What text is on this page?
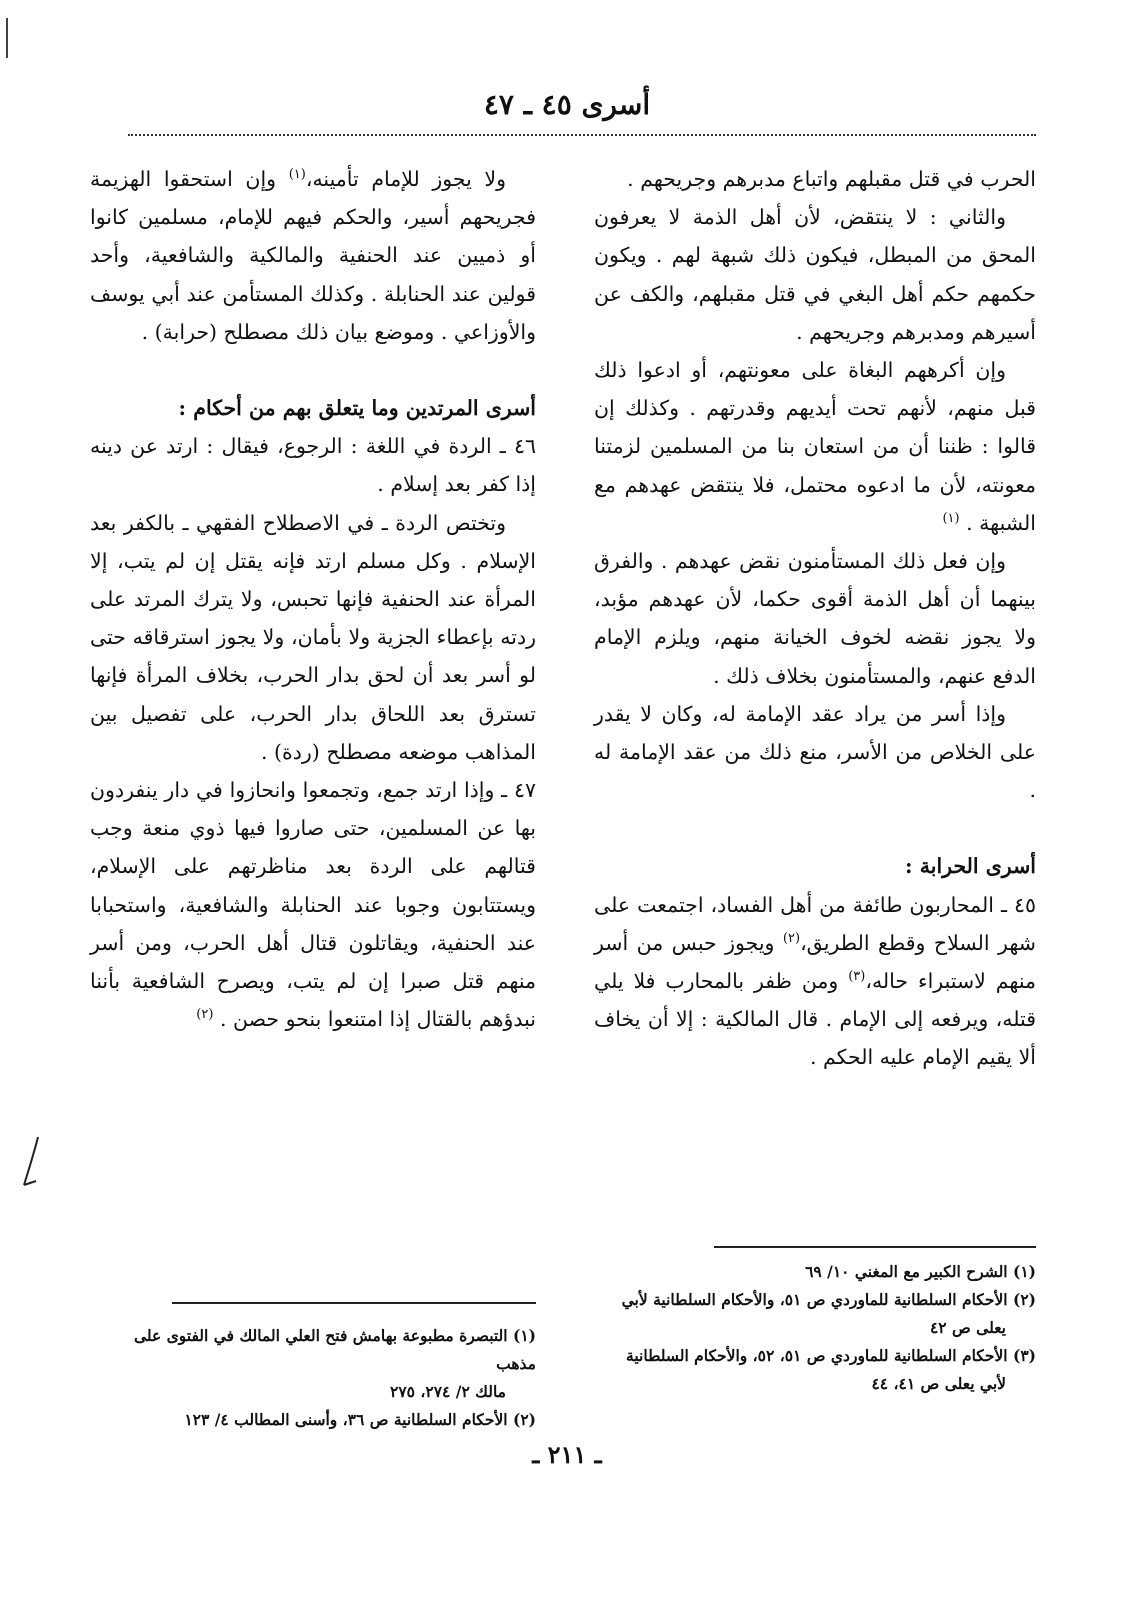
أسرى ٤٥ ـ ٤٧

الحرب في قتل مقبلهم واتباع مدبرهم وجريحهم .

والثاني : لا ينتقض، لأن أهل الذمة لا يعرفون المحق من المبطل، فيكون ذلك شبهة لهم . ويكون حكمهم حكم أهل البغي في قتل مقبلهم، والكف عن أسيرهم ومدبرهم وجريحهم .

وإن أكرههم البغاة على معونتهم، أو ادعوا ذلك قبل منهم، لأنهم تحت أيديهم وقدرتهم . وكذلك إن قالوا : ظننا أن من استعان بنا من المسلمين لزمتنا معونته، لأن ما ادعوه محتمل، فلا ينتقض عهدهم مع الشبهة . $^{(١)}$

وإن فعل ذلك المستأمنون نقض عهدهم . والفرق بينهما أن أهل الذمة أقوى حكما، لأن عهدهم مؤبد، ولا يجوز نقضه لخوف الخيانة منهم، ويلزم الإمام الدفع عنهم، والمستأمنون بخلاف ذلك .

وإذا أسر من يراد عقد الإمامة له، وكان لا يقدر على الخلاص من الأسر، منع ذلك من عقد الإمامة له .

أسرى الحرابة :

٤٥ ـ المحاربون طائفة من أهل الفساد، اجتمعت على شهر السلاح وقطع الطريق،$^{(٢)}$ ويجوز حبس من أسر منهم لاستبراء حاله،$^{(٣)}$ ومن ظفر بالمحارب فلا يلي قتله، ويرفعه إلى الإمام . قال المالكية : إلا أن يخاف ألا يقيم الإمام عليه الحكم .

ولا يجوز للإمام تأمينه،$^{(١)}$ وإن استحقوا الهزيمة فجريحهم أسير، والحكم فيهم للإمام، مسلمين كانوا أو ذميين عند الحنفية والمالكية والشافعية، وأحد قولين عند الحنابلة . وكذلك المستأمن عند أبي يوسف والأوزاعي . وموضع بيان ذلك مصطلح (حرابة) .

أسرى المرتدين وما يتعلق بهم من أحكام :

٤٦ ـ الردة في اللغة : الرجوع، فيقال : ارتد عن دينه إذا كفر بعد إسلام .

وتختص الردة ـ في الاصطلاح الفقهي ـ بالكفر بعد الإسلام . وكل مسلم ارتد فإنه يقتل إن لم يتب، إلا المرأة عند الحنفية فإنها تحبس، ولا يترك المرتد على ردته بإعطاء الجزية ولا بأمان، ولا يجوز استرقاقه حتى لو أسر بعد أن لحق بدار الحرب، بخلاف المرأة فإنها تسترق بعد اللحاق بدار الحرب، على تفصيل بين المذاهب موضعه مصطلح (ردة) .

٤٧ ـ وإذا ارتد جمع، وتجمعوا وانحازوا في دار ينفردون بها عن المسلمين، حتى صاروا فيها ذوي منعة وجب قتالهم على الردة بعد مناظرتهم على الإسلام، ويستتابون وجوبا عند الحنابلة والشافعية، واستحبابا عند الحنفية، ويقاتلون قتال أهل الحرب، ومن أسر منهم قتل صبرا إن لم يتب، ويصرح الشافعية بأننا نبدؤهم بالقتال إذا امتنعوا بنحو حصن . $^{(٢)}$

(١) الشرح الكبير مع المغني ١٠/ ٦٩
(٢) الأحكام السلطانية للماوردي ص ٥١، والأحكام السلطانية لأبي
يعلى ص ٤٢
(٣) الأحكام السلطانية للماوردي ص ٥١، ٥٢، والأحكام السلطانية
لأبي يعلى ص ٤١، ٤٤
(١) التبصرة مطبوعة بهامش فتح العلي المالك في الفتوى على مذهب
مالك ٢/ ٢٧٤، ٢٧٥
(٢) الأحكام السلطانية ص ٣٦، وأسنى المطالب ٤/ ١٢٣
ـ ٢١١ ـ
